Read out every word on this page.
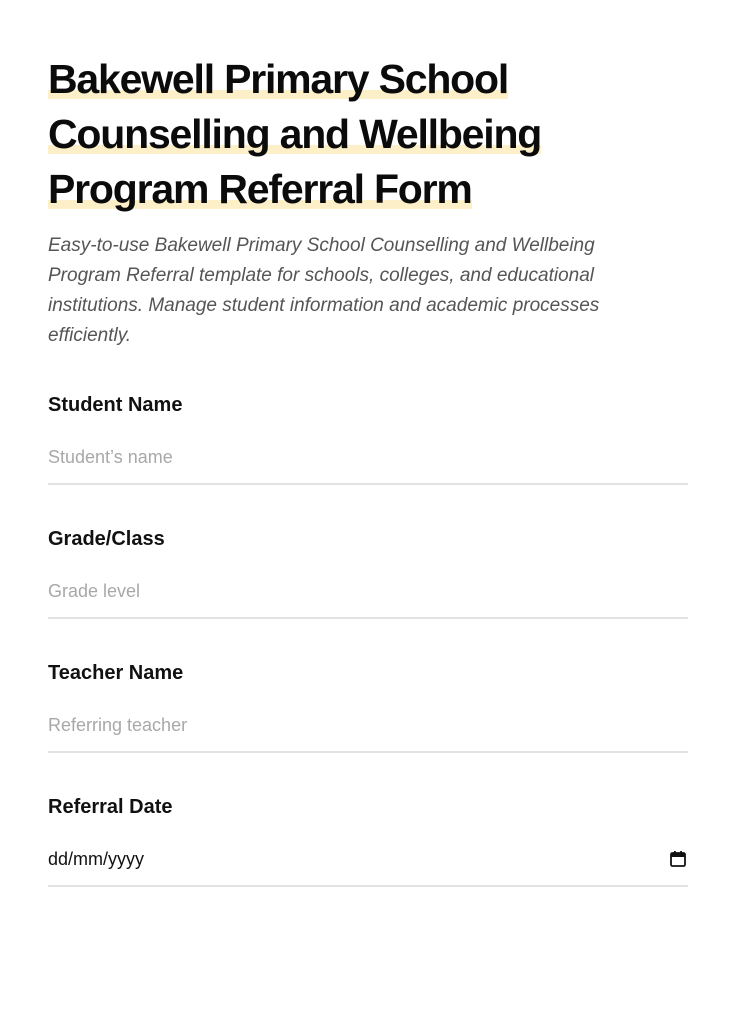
Bakewell Primary School
Counselling and Wellbeing
Program Referral Form

Easy-to-use Bakewell Primary School Counselling and Wellbeing Program Referral template for schools, colleges, and educational institutions. Manage student information and academic processes efficiently.

Student Name
Student’s name
Grade/Class
Grade level
Teacher Name
Referring teacher
Referral Date
dd/mm/yyyy
